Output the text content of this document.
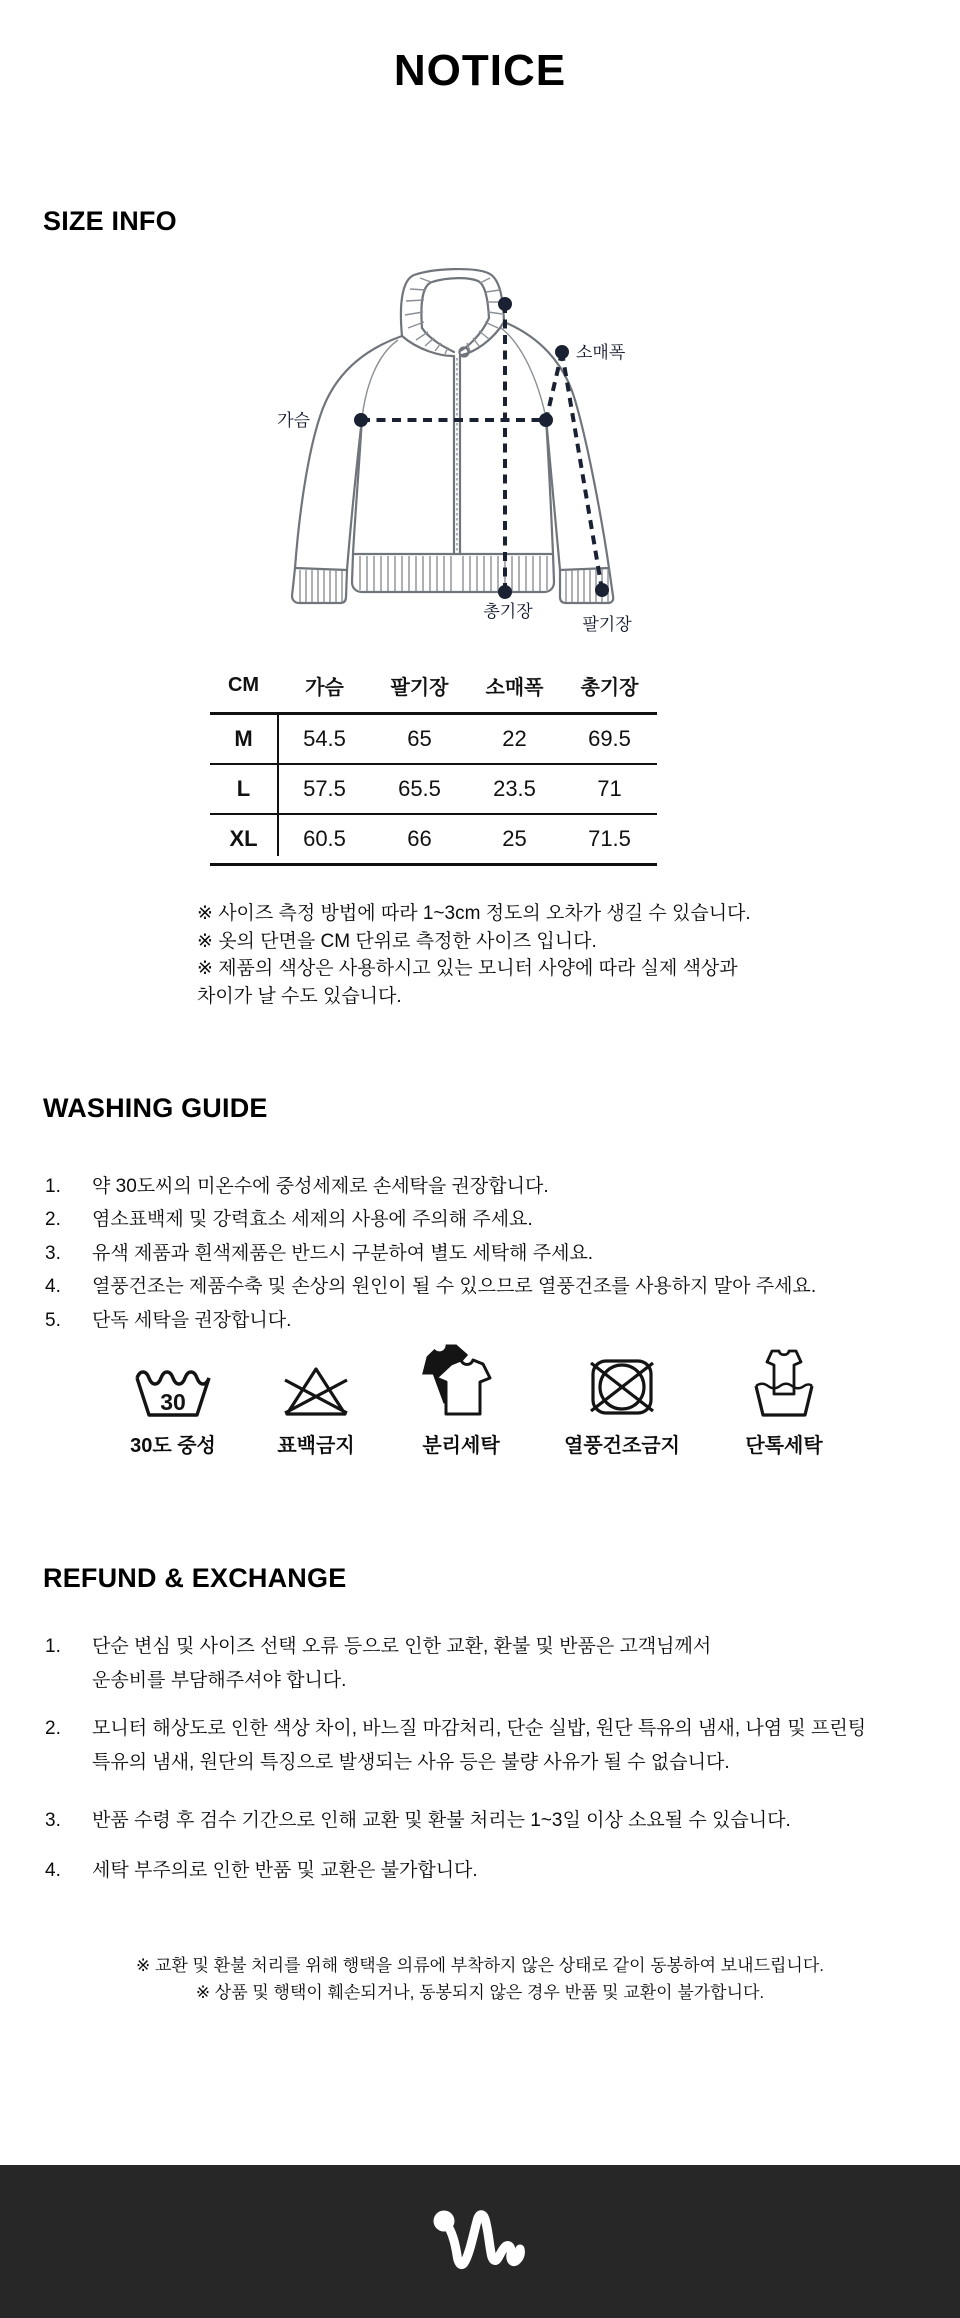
NOTICE
SIZE INFO
가슴
소매폭
총기장
팔기장
CM	가슴	팔기장	소매폭	총기장
M	54.5	65	22	69.5
L	57.5	65.5	23.5	71
XL	60.5	66	25	71.5
※ 사이즈 측정 방법에 따라 1~3cm 정도의 오차가 생길 수 있습니다.
※ 옷의 단면을 CM 단위로 측정한 사이즈 입니다.
※ 제품의 색상은 사용하시고 있는 모니터 사양에 따라 실제 색상과
차이가 날 수도 있습니다.
WASHING GUIDE
1.	약 30도씨의 미온수에 중성세제로 손세탁을 권장합니다.
2.	염소표백제 및 강력효소 세제의 사용에 주의해 주세요.
3.	유색 제품과 흰색제품은 반드시 구분하여 별도 세탁해 주세요.
4.	열풍건조는 제품수축 및 손상의 원인이 될 수 있으므로 열풍건조를 사용하지 말아 주세요.
5.	단독 세탁을 권장합니다.
30
30도 중성	표백금지	분리세탁	열풍건조금지	단톡세탁
REFUND & EXCHANGE
1.	단순 변심 및 사이즈 선택 오류 등으로 인한 교환, 환불 및 반품은 고객님께서
운송비를 부담해주셔야 합니다.
2.	모니터 해상도로 인한 색상 차이, 바느질 마감처리, 단순 실밥, 원단 특유의 냄새, 나염 및 프린팅
특유의 냄새, 원단의 특징으로 발생되는 사유 등은 불량 사유가 될 수 없습니다.
3.	반품 수령 후 검수 기간으로 인해 교환 및 환불 처리는 1~3일 이상 소요될 수 있습니다.
4.	세탁 부주의로 인한 반품 및 교환은 불가합니다.
※ 교환 및 환불 처리를 위해 행택을 의류에 부착하지 않은 상태로 같이 동봉하여 보내드립니다.
※ 상품 및 행택이 훼손되거나, 동봉되지 않은 경우 반품 및 교환이 불가합니다.
